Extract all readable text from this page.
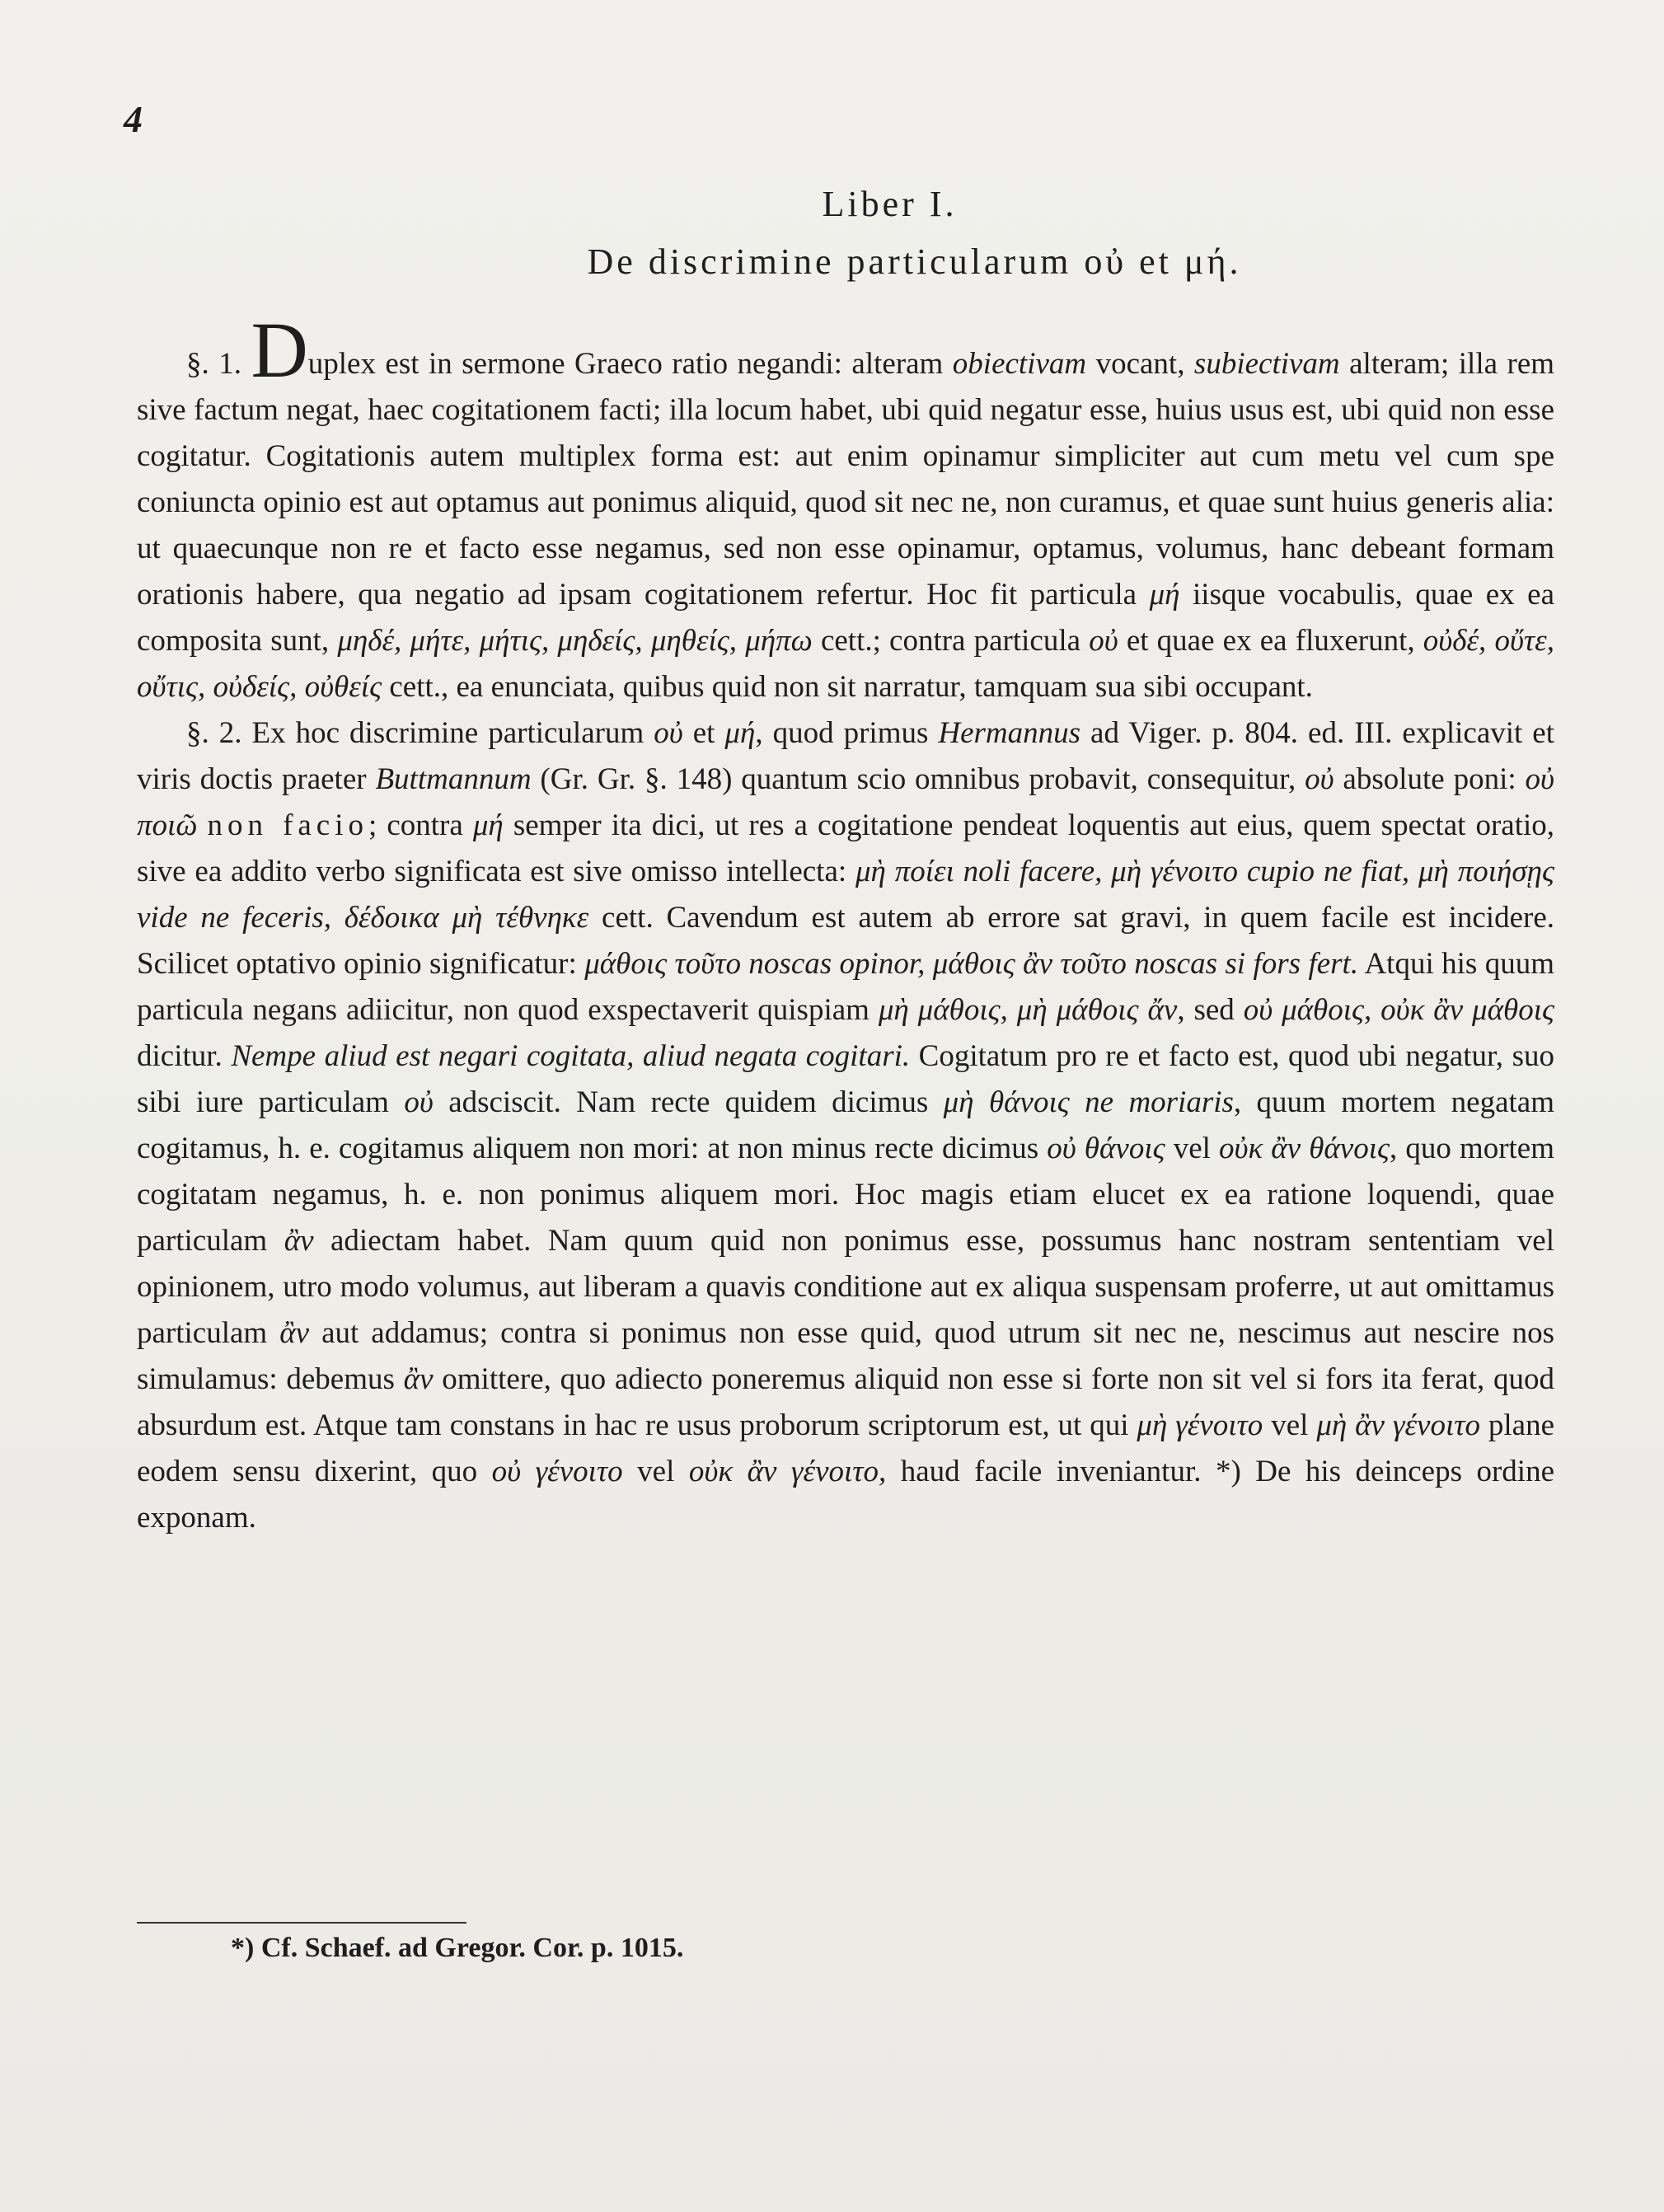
4
Liber I.
De discrimine particularum οὐ et μή.

§. 1. Duplex est in sermone Graeco ratio negandi: alteram obiectivam vocant, subiectivam alteram; illa rem sive factum negat, haec cogitationem facti; illa locum habet, ubi quid negatur esse, huius usus est, ubi quid non esse cogitatur. Cogitationis autem multiplex forma est: aut enim opinamur simpliciter aut cum metu vel cum spe coniuncta opinio est aut optamus aut ponimus aliquid, quod sit nec ne, non curamus, et quae sunt huius generis alia: ut quaecunque non re et facto esse negamus, sed non esse opinamur, optamus, volumus, hanc debeant formam orationis habere, qua negatio ad ipsam cogitationem refertur. Hoc fit particula μή iisque vocabulis, quae ex ea composita sunt, μηδέ, μήτε, μήτις, μηδείς, μηθείς, μήπω cett.; contra particula οὐ et quae ex ea fluxerunt, οὐδέ, οὔτε, οὔτις, οὐδείς, οὐθείς cett., ea enunciata, quibus quid non sit narratur, tamquam sua sibi occupant.

§. 2. Ex hoc discrimine particularum οὐ et μή, quod primus Hermannus ad Viger. p. 804. ed. III. explicavit et viris doctis praeter Buttmannum (Gr. Gr. §. 148) quantum scio omnibus probavit, consequitur, οὐ absolute poni: οὐ ποιῶ non facio; contra μή semper ita dici, ut res a cogitatione pendeat loquentis aut eius, quem spectat oratio, sive ea addito verbo significata est sive omisso intellecta: μὴ ποίει noli facere, μὴ γένοιτο cupio ne fiat, μὴ ποιήσῃς vide ne feceris, δέδοικα μὴ τέθνηκε cett. Cavendum est autem ab errore sat gravi, in quem facile est incidere. Scilicet optativo opinio significatur: μάθοις τοῦτο noscas opinor, μάθοις ἂν τοῦτο noscas si fors fert. Atqui his quum particula negans adiicitur, non quod exspectaverit quispiam μὴ μάθοις, μὴ μάθοις ἄν, sed οὐ μάθοις, οὐκ ἂν μάθοις dicitur. Nempe aliud est negari cogitata, aliud negata cogitari. Cogitatum pro re et facto est, quod ubi negatur, suo sibi iure particulam οὐ adsciscit. Nam recte quidem dicimus μὴ θάνοις ne moriaris, quum mortem negatam cogitamus, h. e. cogitamus aliquem non mori: at non minus recte dicimus οὐ θάνοις vel οὐκ ἂν θάνοις, quo mortem cogitatam negamus, h. e. non ponimus aliquem mori. Hoc magis etiam elucet ex ea ratione loquendi, quae particulam ἂν adiectam habet. Nam quum quid non ponimus esse, possumus hanc nostram sententiam vel opinionem, utro modo volumus, aut liberam a quavis conditione aut ex aliqua suspensam proferre, ut aut omittamus particulam ἂν aut addamus; contra si ponimus non esse quid, quod utrum sit nec ne, nescimus aut nescire nos simulamus: debemus ἂν omittere, quo adiecto poneremus aliquid non esse si forte non sit vel si fors ita ferat, quod absurdum est. Atque tam constans in hac re usus proborum scriptorum est, ut qui μὴ γένοιτο vel μὴ ἂν γένοιτο plane eodem sensu dixerint, quo οὐ γένοιτο vel οὐκ ἂν γένοιτο, haud facile inveniantur. *) De his deinceps ordine exponam.

*) Cf. Schaef. ad Gregor. Cor. p. 1015.
